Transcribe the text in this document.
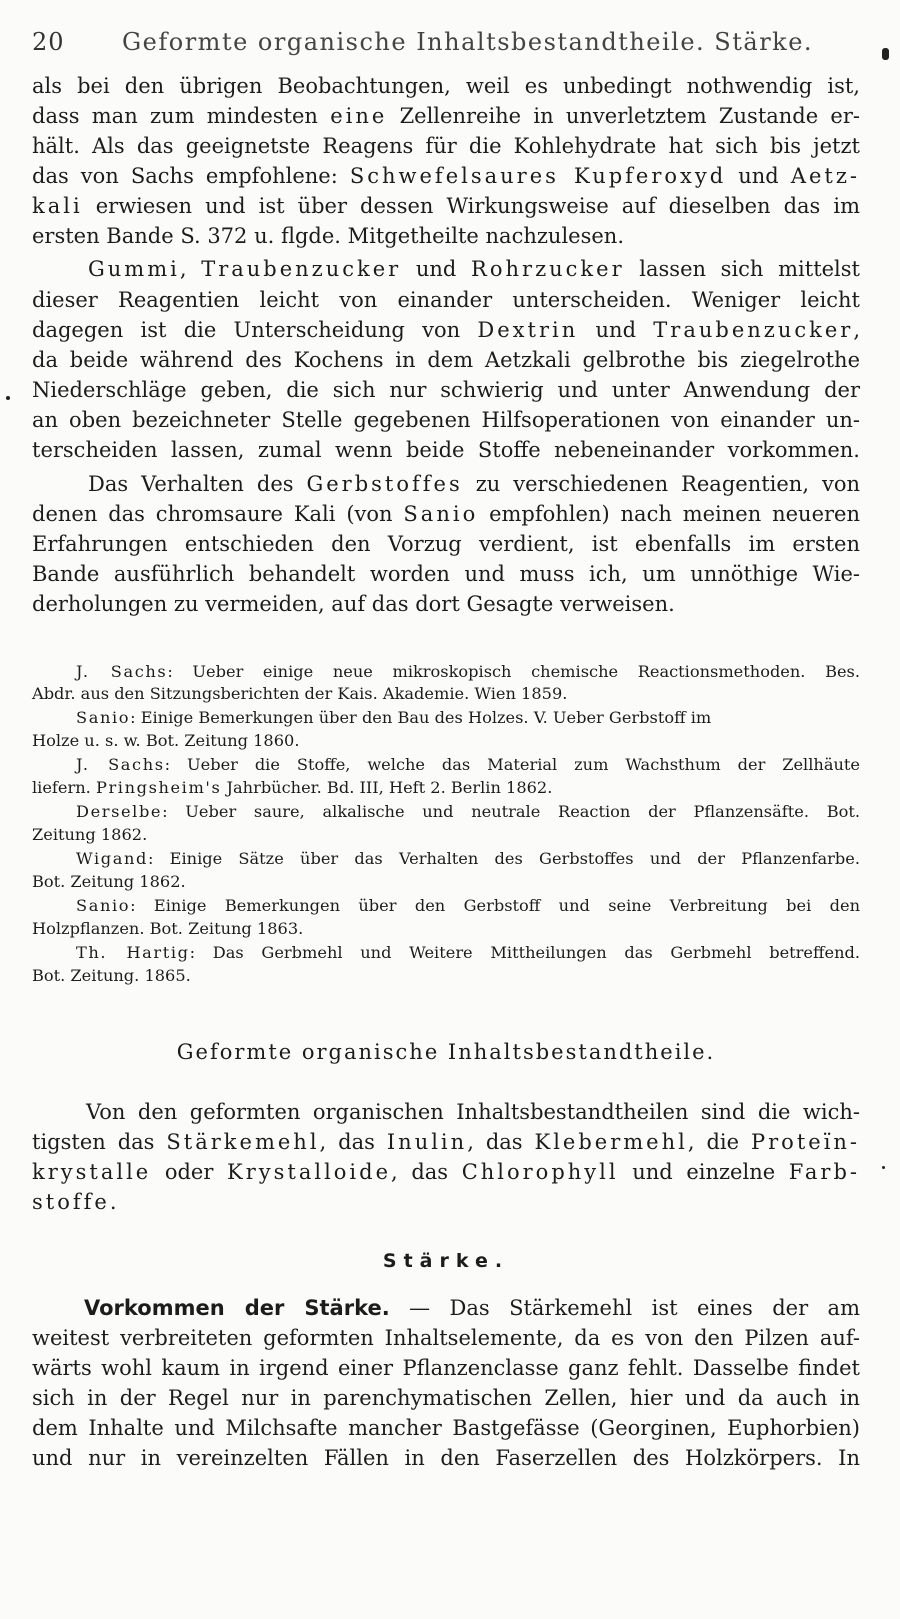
20 Geformte organische Inhaltsbestandtheile. Stärke.
als bei den übrigen Beobachtungen, weil es unbedingt nothwendig ist,
dass man zum mindesten eine Zellenreihe in unverletztem Zustande er-
hält. Als das geeignetste Reagens für die Kohlehydrate hat sich bis jetzt
das von Sachs empfohlene: Schwefelsaures Kupferoxyd und Aetz-
kali erwiesen und ist über dessen Wirkungsweise auf dieselben das im
ersten Bande S. 372 u. flgde. Mitgetheilte nachzulesen.
Gummi, Traubenzucker und Rohrzucker lassen sich mittelst
dieser Reagentien leicht von einander unterscheiden. Weniger leicht
dagegen ist die Unterscheidung von Dextrin und Traubenzucker,
da beide während des Kochens in dem Aetzkali gelbrothe bis ziegelrothe
Niederschläge geben, die sich nur schwierig und unter Anwendung der
an oben bezeichneter Stelle gegebenen Hilfsoperationen von einander un-
terscheiden lassen, zumal wenn beide Stoffe nebeneinander vorkommen.
Das Verhalten des Gerbstoffes zu verschiedenen Reagentien, von
denen das chromsaure Kali (von Sanio empfohlen) nach meinen neueren
Erfahrungen entschieden den Vorzug verdient, ist ebenfalls im ersten
Bande ausführlich behandelt worden und muss ich, um unnöthige Wie-
derholungen zu vermeiden, auf das dort Gesagte verweisen.
J. Sachs: Ueber einige neue mikroskopisch chemische Reactionsmethoden. Bes.
Abdr. aus den Sitzungsberichten der Kais. Akademie. Wien 1859.
Sanio: Einige Bemerkungen über den Bau des Holzes. V. Ueber Gerbstoff im
Holze u. s. w. Bot. Zeitung 1860.
J. Sachs: Ueber die Stoffe, welche das Material zum Wachsthum der Zellhäute
liefern. Pringsheim's Jahrbücher. Bd. III, Heft 2. Berlin 1862.
Derselbe: Ueber saure, alkalische und neutrale Reaction der Pflanzensäfte. Bot.
Zeitung 1862.
Wigand: Einige Sätze über das Verhalten des Gerbstoffes und der Pflanzenfarbe.
Bot. Zeitung 1862.
Sanio: Einige Bemerkungen über den Gerbstoff und seine Verbreitung bei den
Holzpflanzen. Bot. Zeitung 1863.
Th. Hartig: Das Gerbmehl und Weitere Mittheilungen das Gerbmehl betreffend.
Bot. Zeitung. 1865.
Geformte organische Inhaltsbestandtheile.
Von den geformten organischen Inhaltsbestandtheilen sind die wich-
tigsten das Stärkemehl, das Inulin, das Klebermehl, die Proteïn-
krystalle oder Krystalloide, das Chlorophyll und einzelne Farb-
stoffe.
Stärke.
Vorkommen der Stärke. — Das Stärkemehl ist eines der am
weitest verbreiteten geformten Inhaltselemente, da es von den Pilzen auf-
wärts wohl kaum in irgend einer Pflanzenclasse ganz fehlt. Dasselbe findet
sich in der Regel nur in parenchymatischen Zellen, hier und da auch in
dem Inhalte und Milchsafte mancher Bastgefässe (Georginen, Euphorbien)
und nur in vereinzelten Fällen in den Faserzellen des Holzkörpers. In
